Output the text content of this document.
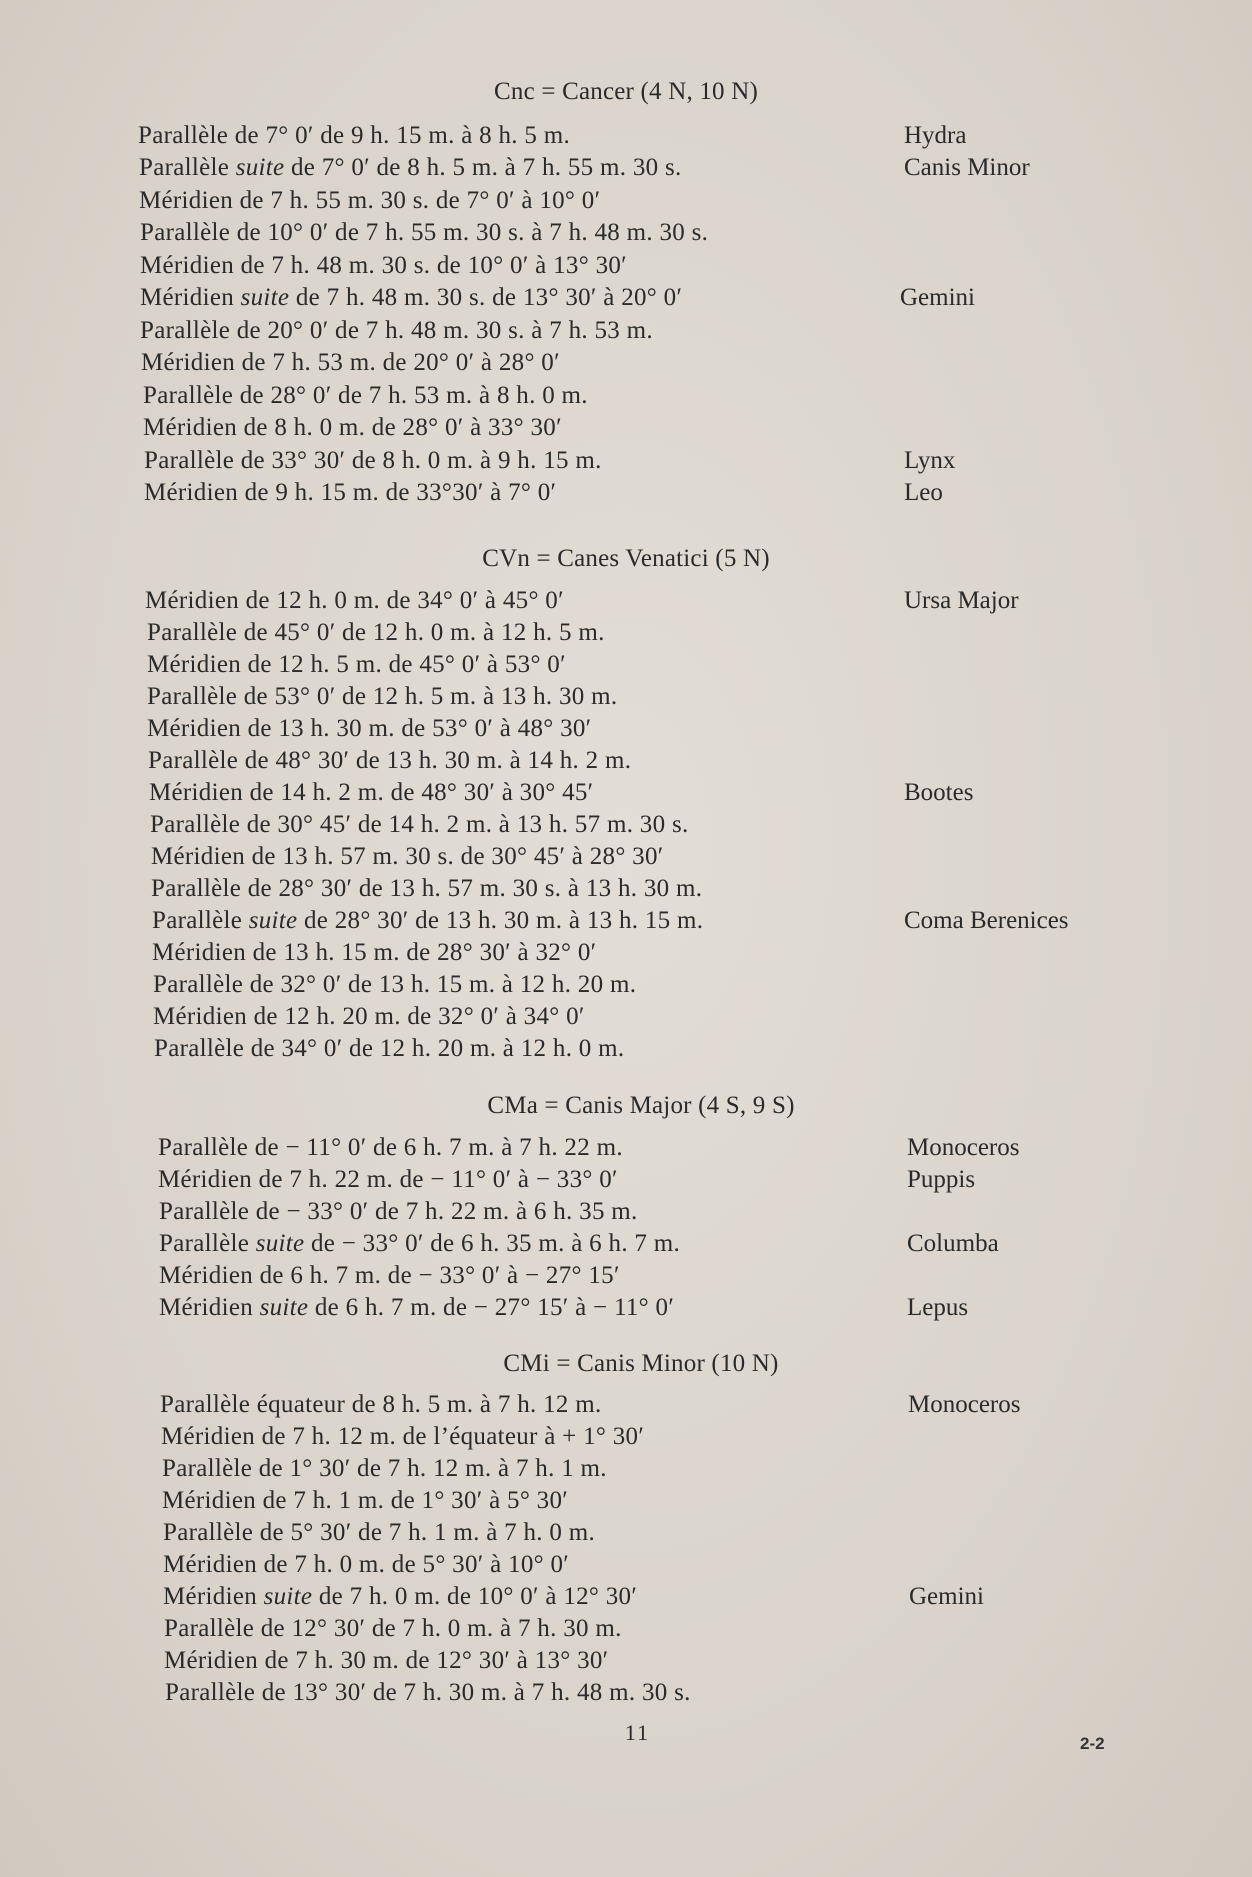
Cnc = Cancer (4 N, 10 N)
Parallèle de 7° 0′ de 9 h. 15 m. à 8 h. 5 m.	Hydra
Parallèle suite de 7° 0′ de 8 h. 5 m. à 7 h. 55 m. 30 s.	Canis Minor
Méridien de 7 h. 55 m. 30 s. de 7° 0′ à 10° 0′
Parallèle de 10° 0′ de 7 h. 55 m. 30 s. à 7 h. 48 m. 30 s.
Méridien de 7 h. 48 m. 30 s. de 10° 0′ à 13° 30′
Méridien suite de 7 h. 48 m. 30 s. de 13° 30′ à 20° 0′	Gemini
Parallèle de 20° 0′ de 7 h. 48 m. 30 s. à 7 h. 53 m.
Méridien de 7 h. 53 m. de 20° 0′ à 28° 0′
Parallèle de 28° 0′ de 7 h. 53 m. à 8 h. 0 m.
Méridien de 8 h. 0 m. de 28° 0′ à 33° 30′
Parallèle de 33° 30′ de 8 h. 0 m. à 9 h. 15 m.	Lynx
Méridien de 9 h. 15 m. de 33°30′ à 7° 0′	Leo
CVn = Canes Venatici (5 N)
Méridien de 12 h. 0 m. de 34° 0′ à 45° 0′	Ursa Major
Parallèle de 45° 0′ de 12 h. 0 m. à 12 h. 5 m.
Méridien de 12 h. 5 m. de 45° 0′ à 53° 0′
Parallèle de 53° 0′ de 12 h. 5 m. à 13 h. 30 m.
Méridien de 13 h. 30 m. de 53° 0′ à 48° 30′
Parallèle de 48° 30′ de 13 h. 30 m. à 14 h. 2 m.
Méridien de 14 h. 2 m. de 48° 30′ à 30° 45′	Bootes
Parallèle de 30° 45′ de 14 h. 2 m. à 13 h. 57 m. 30 s.
Méridien de 13 h. 57 m. 30 s. de 30° 45′ à 28° 30′
Parallèle de 28° 30′ de 13 h. 57 m. 30 s. à 13 h. 30 m.
Parallèle suite de 28° 30′ de 13 h. 30 m. à 13 h. 15 m.	Coma Berenices
Méridien de 13 h. 15 m. de 28° 30′ à 32° 0′
Parallèle de 32° 0′ de 13 h. 15 m. à 12 h. 20 m.
Méridien de 12 h. 20 m. de 32° 0′ à 34° 0′
Parallèle de 34° 0′ de 12 h. 20 m. à 12 h. 0 m.
CMa = Canis Major (4 S, 9 S)
Parallèle de − 11° 0′ de 6 h. 7 m. à 7 h. 22 m.	Monoceros
Méridien de 7 h. 22 m. de − 11° 0′ à − 33° 0′	Puppis
Parallèle de − 33° 0′ de 7 h. 22 m. à 6 h. 35 m.
Parallèle suite de − 33° 0′ de 6 h. 35 m. à 6 h. 7 m.	Columba
Méridien de 6 h. 7 m. de − 33° 0′ à − 27° 15′
Méridien suite de 6 h. 7 m. de − 27° 15′ à − 11° 0′	Lepus
CMi = Canis Minor (10 N)
Parallèle équateur de 8 h. 5 m. à 7 h. 12 m.	Monoceros
Méridien de 7 h. 12 m. de l’équateur à + 1° 30′
Parallèle de 1° 30′ de 7 h. 12 m. à 7 h. 1 m.
Méridien de 7 h. 1 m. de 1° 30′ à 5° 30′
Parallèle de 5° 30′ de 7 h. 1 m. à 7 h. 0 m.
Méridien de 7 h. 0 m. de 5° 30′ à 10° 0′
Méridien suite de 7 h. 0 m. de 10° 0′ à 12° 30′	Gemini
Parallèle de 12° 30′ de 7 h. 0 m. à 7 h. 30 m.
Méridien de 7 h. 30 m. de 12° 30′ à 13° 30′
Parallèle de 13° 30′ de 7 h. 30 m. à 7 h. 48 m. 30 s.
11	2-2
